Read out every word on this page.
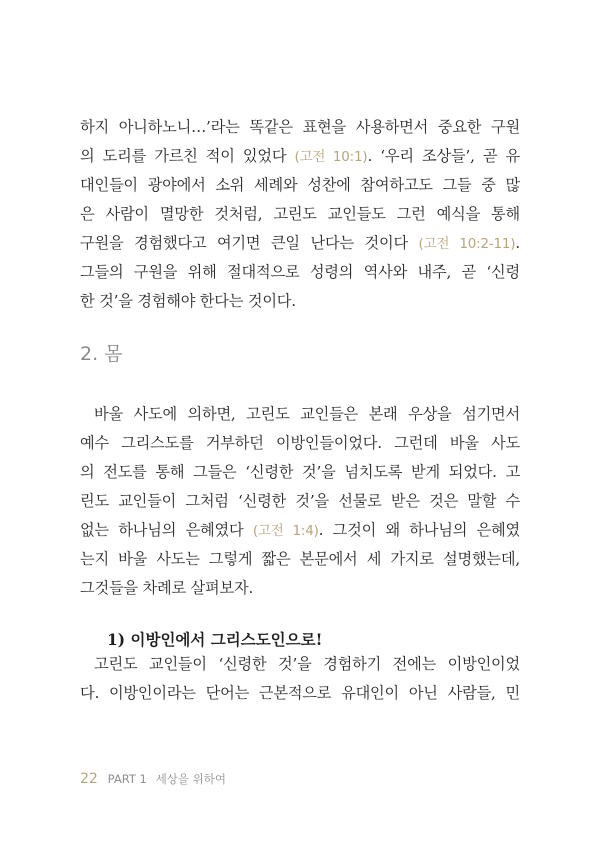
하지 아니하노니…’라는 똑같은 표현을 사용하면서 중요한 구원
의 도리를 가르친 적이 있었다 (고전 10:1). ‘우리 조상들’, 곧 유
대인들이 광야에서 소위 세례와 성찬에 참여하고도 그들 중 많
은 사람이 멸망한 것처럼, 고린도 교인들도 그런 예식을 통해
구원을 경험했다고 여기면 큰일 난다는 것이다 (고전 10:2-11).
그들의 구원을 위해 절대적으로 성령의 역사와 내주, 곧 ‘신령
한 것’을 경험해야 한다는 것이다.
2. 몸
바울 사도에 의하면, 고린도 교인들은 본래 우상을 섬기면서
예수 그리스도를 거부하던 이방인들이었다. 그런데 바울 사도
의 전도를 통해 그들은 ‘신령한 것’을 넘치도록 받게 되었다. 고
린도 교인들이 그처럼 ‘신령한 것’을 선물로 받은 것은 말할 수
없는 하나님의 은혜였다 (고전 1:4). 그것이 왜 하나님의 은혜였
는지 바울 사도는 그렇게 짧은 본문에서 세 가지로 설명했는데,
그것들을 차례로 살펴보자.
1) 이방인에서 그리스도인으로!
고린도 교인들이 ‘신령한 것’을 경험하기 전에는 이방인이었
다. 이방인이라는 단어는 근본적으로 유대인이 아닌 사람들, 민
22 PART 1 세상을 위하여
